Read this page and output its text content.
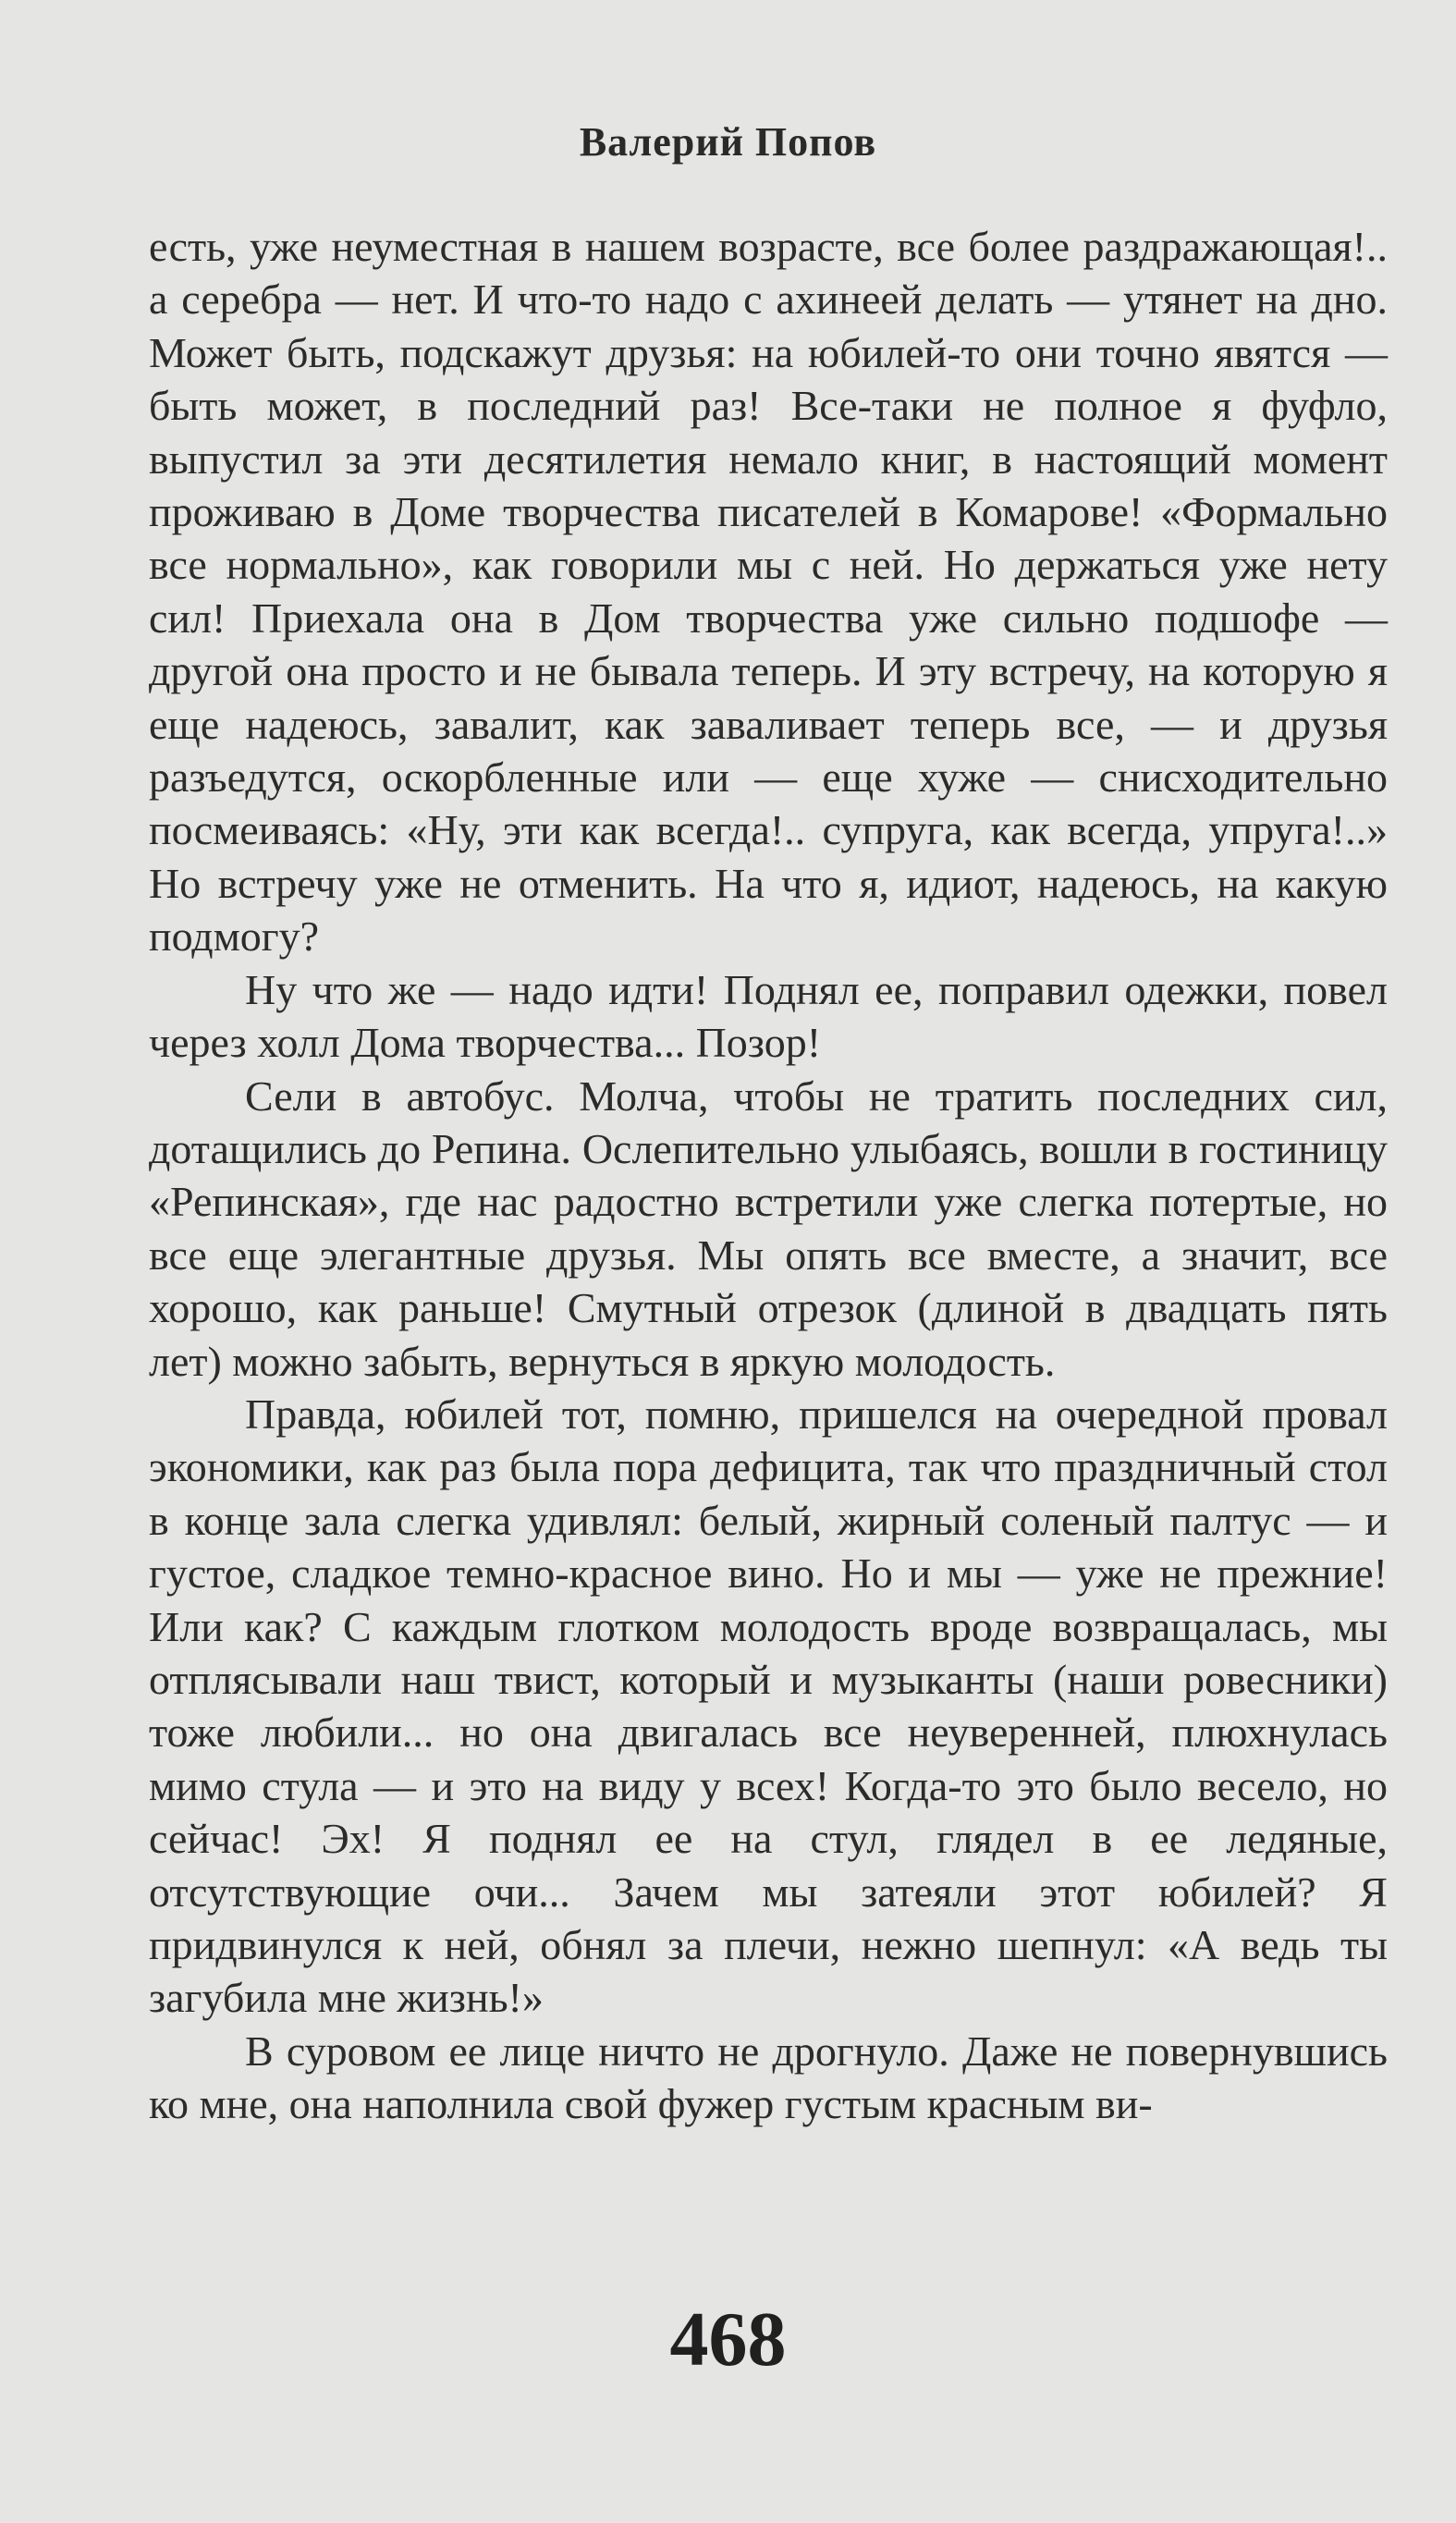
Валерий Попов

есть, уже неуместная в нашем возрасте, все более раздражающая!.. а серебра — нет. И что-то надо с ахинеей делать — утянет на дно. Может быть, подскажут друзья: на юбилей-то они точно явятся — быть может, в последний раз! Все-таки не полное я фуфло, выпустил за эти десятилетия немало книг, в настоящий момент проживаю в Доме творчества писателей в Комарове! «Формально все нормально», как говорили мы с ней. Но держаться уже нету сил! Приехала она в Дом творчества уже сильно подшофе — другой она просто и не бывала теперь. И эту встречу, на которую я еще надеюсь, завалит, как заваливает теперь все, — и друзья разъедутся, оскорбленные или — еще хуже — снисходительно посмеиваясь: «Ну, эти как всегда!.. супруга, как всегда, упруга!..» Но встречу уже не отменить. На что я, идиот, надеюсь, на какую подмогу?

Ну что же — надо идти! Поднял ее, поправил одежки, повел через холл Дома творчества... Позор!

Сели в автобус. Молча, чтобы не тратить последних сил, дотащились до Репина. Ослепительно улыбаясь, вошли в гостиницу «Репинская», где нас радостно встретили уже слегка потертые, но все еще элегантные друзья. Мы опять все вместе, а значит, все хорошо, как раньше! Смутный отрезок (длиной в двадцать пять лет) можно забыть, вернуться в яркую молодость.

Правда, юбилей тот, помню, пришелся на очередной провал экономики, как раз была пора дефицита, так что праздничный стол в конце зала слегка удивлял: белый, жирный соленый палтус — и густое, сладкое темно-красное вино. Но и мы — уже не прежние! Или как? С каждым глотком молодость вроде возвращалась, мы отплясывали наш твист, который и музыканты (наши ровесники) тоже любили... но она двигалась все неуверенней, плюхнулась мимо стула — и это на виду у всех! Когда-то это было весело, но сейчас! Эх! Я поднял ее на стул, глядел в ее ледяные, отсутствующие очи... Зачем мы затеяли этот юбилей? Я придвинулся к ней, обнял за плечи, нежно шепнул: «А ведь ты загубила мне жизнь!»

В суровом ее лице ничто не дрогнуло. Даже не повернувшись ко мне, она наполнила свой фужер густым красным ви-

468
